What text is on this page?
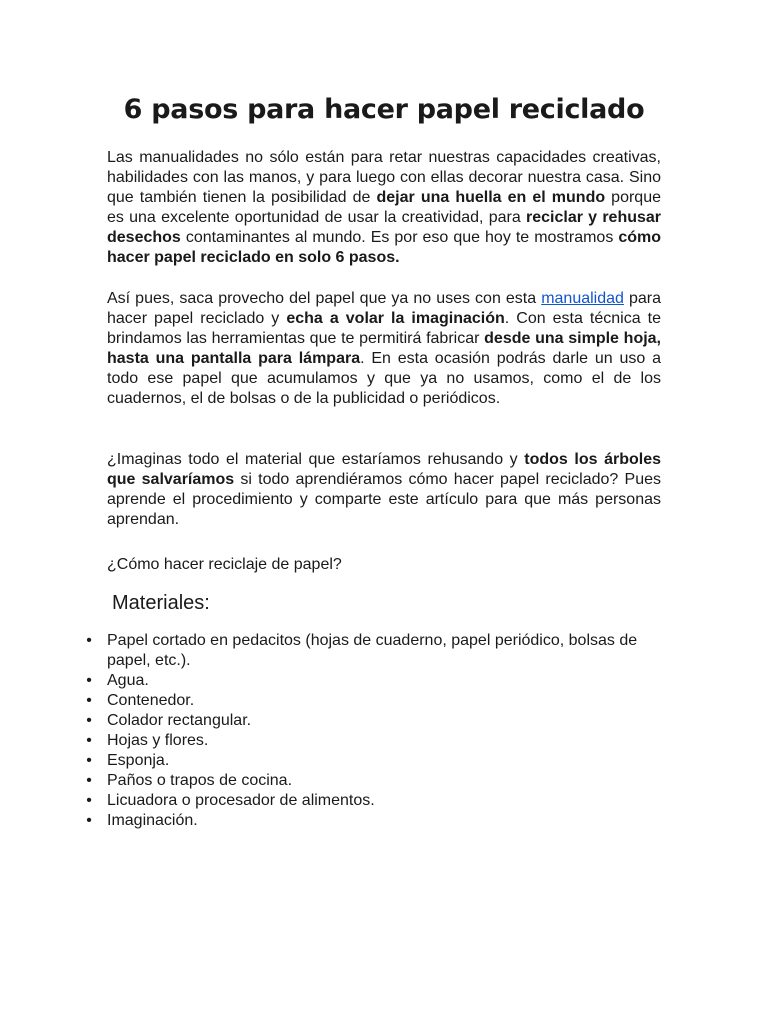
6 pasos para hacer papel reciclado

Las manualidades no sólo están para retar nuestras capacidades creativas, habilidades con las manos, y para luego con ellas decorar nuestra casa. Sino que también tienen la posibilidad de dejar una huella en el mundo porque es una excelente oportunidad de usar la creatividad, para reciclar y rehusar desechos contaminantes al mundo. Es por eso que hoy te mostramos cómo hacer papel reciclado en solo 6 pasos.

Así pues, saca provecho del papel que ya no uses con esta manualidad para hacer papel reciclado y echa a volar la imaginación. Con esta técnica te brindamos las herramientas que te permitirá fabricar desde una simple hoja, hasta una pantalla para lámpara. En esta ocasión podrás darle un uso a todo ese papel que acumulamos y que ya no usamos, como el de los cuadernos, el de bolsas o de la publicidad o periódicos.

¿Imaginas todo el material que estaríamos rehusando y todos los árboles que salvaríamos si todo aprendiéramos cómo hacer papel reciclado? Pues aprende el procedimiento y comparte este artículo para que más personas aprendan.

¿Cómo hacer reciclaje de papel?

Materiales:
• Papel cortado en pedacitos (hojas de cuaderno, papel periódico, bolsas de papel, etc.).
• Agua.
• Contenedor.
• Colador rectangular.
• Hojas y flores.
• Esponja.
• Paños o trapos de cocina.
• Licuadora o procesador de alimentos.
• Imaginación.
